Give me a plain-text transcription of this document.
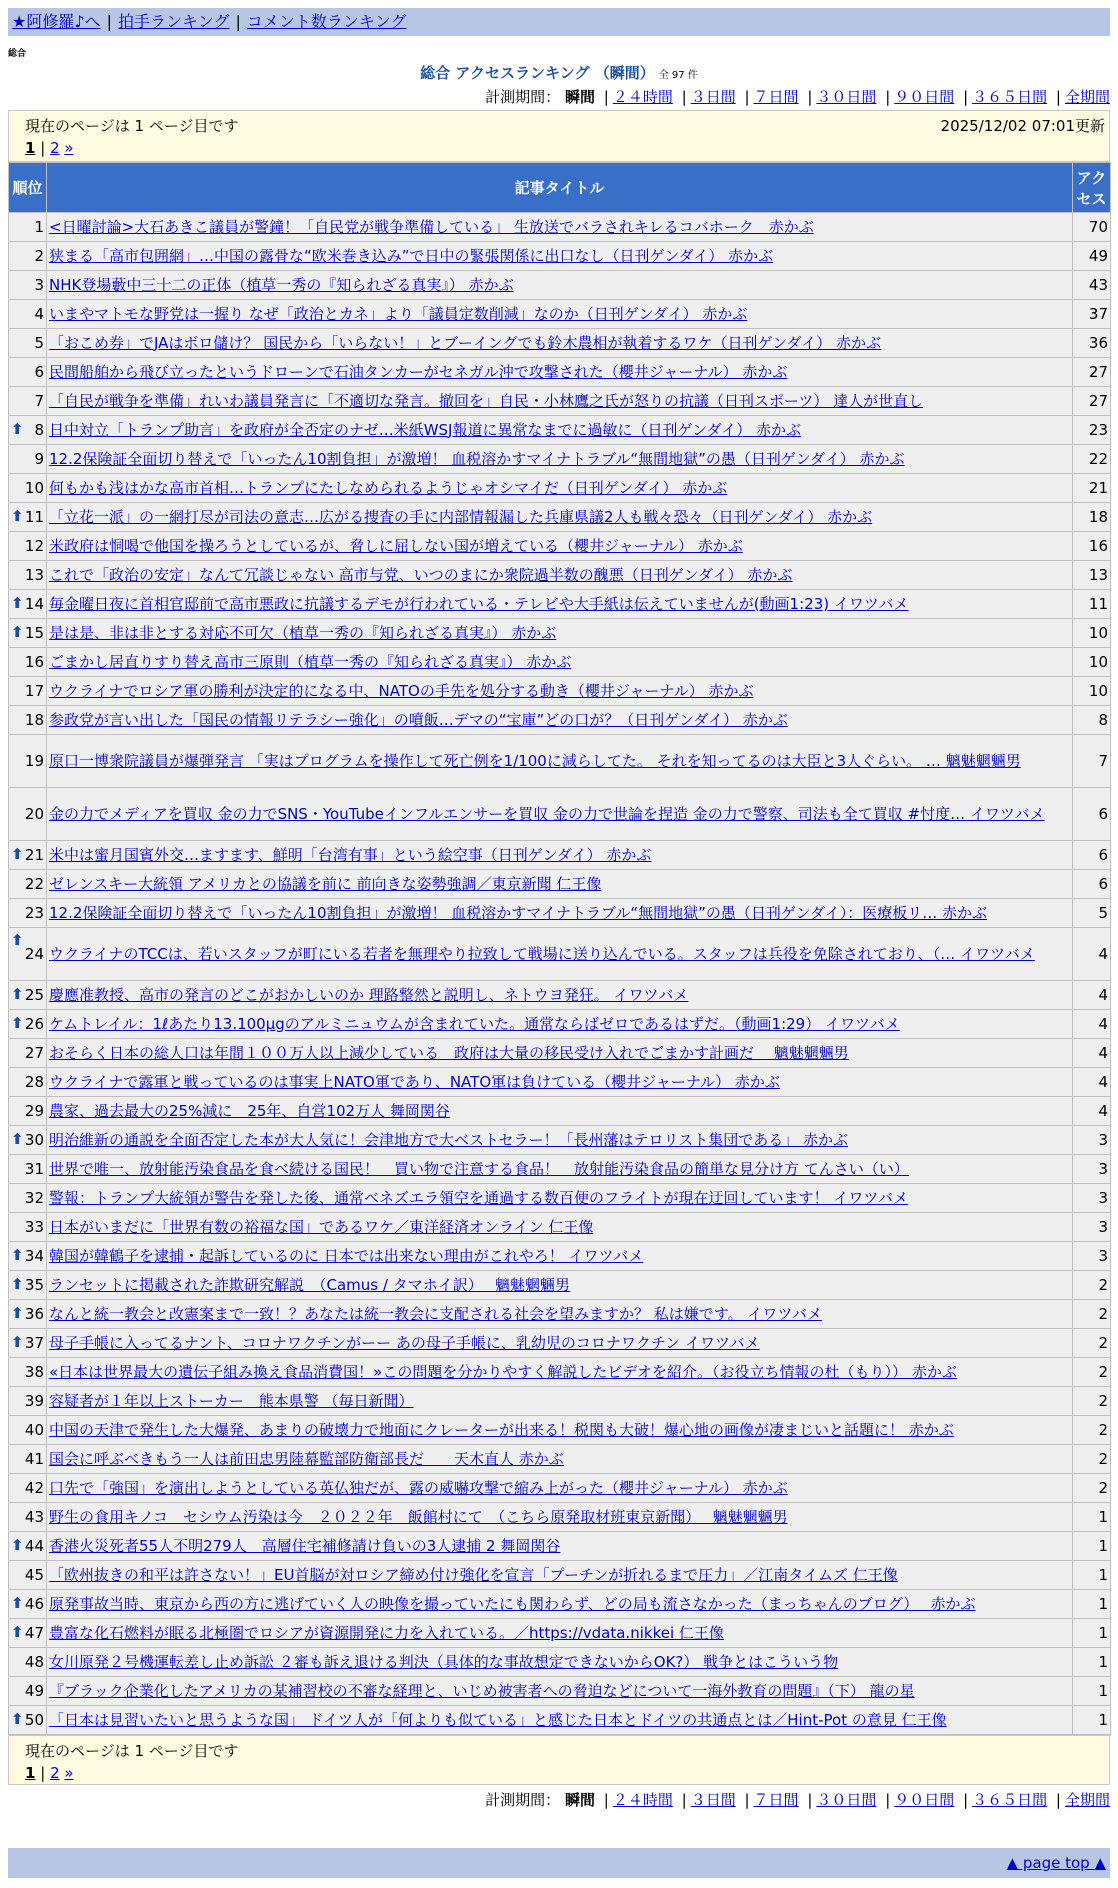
★阿修羅♪へ | 拍手ランキング | コメント数ランキング
総合
総合 アクセスランキング （瞬間） 全 97 件
計測期間： 瞬間 | ２４時間 | ３日間 | ７日間 | ３０日間 | ９０日間 | ３６５日間 | 全期間
現在のページは 1 ページ目です	2025/12/02 07:01更新
1 | 2 »
順位	記事タイトル	アクセス
1	<日曜討論>大石あきこ議員が警鐘！「自民党が戦争準備している」 生放送でバラされキレるコバホーク　赤かぶ	70
2	狭まる「高市包囲網」…中国の露骨な“欧米巻き込み”で日中の緊張関係に出口なし（日刊ゲンダイ） 赤かぶ	49
3	NHK登場藪中三十二の正体（植草一秀の『知られざる真実』） 赤かぶ	43
4	いまやマトモな野党は一握り なぜ「政治とカネ」より「議員定数削減」なのか（日刊ゲンダイ） 赤かぶ	37
5	「おこめ券」でJAはボロ儲け？ 国民から「いらない！」とブーイングでも鈴木農相が執着するワケ（日刊ゲンダイ） 赤かぶ	36
6	民間船舶から飛び立ったというドローンで石油タンカーがセネガル沖で攻撃された（櫻井ジャーナル） 赤かぶ	27
7	「自民が戦争を準備」れいわ議員発言に「不適切な発言。撤回を」自民・小林鷹之氏が怒りの抗議（日刊スポーツ） 達人が世直し	27

⬆ 8	日中対立「トランプ助言」を政府が全否定のナゼ…米紙WSJ報道に異常なまでに過敏に（日刊ゲンダイ） 赤かぶ	23
9	12.2保険証全面切り替えで「いったん10割負担」が激増！ 血税溶かすマイナトラブル“無間地獄”の愚（日刊ゲンダイ） 赤かぶ	22
10	何もかも浅はかな高市首相…トランプにたしなめられるようじゃオシマイだ（日刊ゲンダイ） 赤かぶ	21

⬆ 11	「立花一派」の一網打尽が司法の意志…広がる捜査の手に内部情報漏した兵庫県議2人も戦々恐々（日刊ゲンダイ） 赤かぶ	18
12	米政府は恫喝で他国を操ろうとしているが、脅しに屈しない国が増えている（櫻井ジャーナル） 赤かぶ	16
13	これで「政治の安定」なんて冗談じゃない 高市与党、いつのまにか衆院過半数の醜悪（日刊ゲンダイ） 赤かぶ	13

⬆ 14	毎金曜日夜に首相官邸前で高市悪政に抗議するデモが行われている・テレビや大手紙は伝えていませんが(動画1:23) イワツバメ	11

⬆ 15	是は是、非は非とする対応不可欠（植草一秀の『知られざる真実』） 赤かぶ	10
16	ごまかし居直りすり替え高市三原則（植草一秀の『知られざる真実』） 赤かぶ	10
17	ウクライナでロシア軍の勝利が決定的になる中、NATOの手先を処分する動き（櫻井ジャーナル） 赤かぶ	10
18	参政党が言い出した「国民の情報リテラシー強化」の噴飯…デマの“宝庫”どの口が？（日刊ゲンダイ） 赤かぶ	8
19	原口一博衆院議員が爆弾発言 「実はプログラムを操作して死亡例を1/100に減らしてた。 それを知ってるのは大臣と3人ぐらい。 … 魑魅魍魎男	7
20	金の力でメディアを買収 金の力でSNS・YouTubeインフルエンサーを買収 金の力で世論を捏造 金の力で警察、司法も全て買収 #忖度… イワツバメ	6

⬆ 21	米中は蜜月国賓外交…ますます、鮮明「台湾有事」という絵空事（日刊ゲンダイ） 赤かぶ	6
22	ゼレンスキー大統領 アメリカとの協議を前に 前向きな姿勢強調／東京新聞 仁王像	6
23	12.2保険証全面切り替えで「いったん10割負担」が激増！ 血税溶かすマイナトラブル“無間地獄”の愚（日刊ゲンダイ）：医療板リ… 赤かぶ	5

⬆
24	ウクライナのTCCは、若いスタッフが町にいる若者を無理やり拉致して戦場に送り込んでいる。スタッフは兵役を免除されており、（… イワツバメ	4

⬆ 25	慶應准教授、高市の発言のどこがおかしいのか 理路整然と説明し、ネトウヨ発狂。 イワツバメ	4

⬆ 26	ケムトレイル：1ℓあたり13.100μgのアルミニュウムが含まれていた。通常ならばゼロであるはずだ。（動画1:29） イワツバメ	4
27	おそらく日本の総人口は年間１００万人以上減少している　政府は大量の移民受け入れでごまかす計画だ　 魑魅魍魎男	4
28	ウクライナで露軍と戦っているのは事実上NATO軍であり、NATO軍は負けている（櫻井ジャーナル） 赤かぶ	4
29	農家、過去最大の25%減に　25年、自営102万人 舞岡関谷	4

⬆ 30	明治維新の通説を全面否定した本が大人気に！会津地方で大ベストセラー！「長州藩はテロリスト集団である」 赤かぶ	3
31	世界で唯一、放射能汚染食品を食べ続ける国民！　買い物で注意する食品！　放射能汚染食品の簡単な見分け方 てんさい（い）	3
32	警報：トランプ大統領が警告を発した後、通常ベネズエラ領空を通過する数百便のフライトが現在迂回しています！ イワツバメ	3
33	日本がいまだに「世界有数の裕福な国」であるワケ／東洋経済オンライン 仁王像	3

⬆ 34	韓国が韓鶴子を逮捕・起訴しているのに 日本では出来ない理由がこれやろ！ イワツバメ	3

⬆ 35	ランセットに掲載された詐欺研究解説　（Camus / タマホイ訳）　 魑魅魍魎男	2

⬆ 36	なんと統一教会と改憲案まで一致！？あなたは統一教会に支配される社会を望みますか？ 私は嫌です。 イワツバメ	2

⬆ 37	母子手帳に入ってるナント、コロナワクチンがーー あの母子手帳に、乳幼児のコロナワクチン イワツバメ	2
38	«日本は世界最大の遺伝子組み換え食品消費国！»この問題を分かりやすく解説したビデオを紹介。（お役立ち情報の杜（もり）） 赤かぶ	2
39	容疑者が１年以上ストーカー　熊本県警 （毎日新聞）	2
40	中国の天津で発生した大爆発、あまりの破壊力で地面にクレーターが出来る！税関も大破！爆心地の画像が凄まじいと話題に！ 赤かぶ	2
41	国会に呼ぶべきもう一人は前田忠男陸幕監部防衛部長だ　　天木直人 赤かぶ	2
42	口先で「強国」を演出しようとしている英仏独だが、露の威嚇攻撃で縮み上がった（櫻井ジャーナル） 赤かぶ	2
43	野生の食用キノコ　セシウム汚染は今　２０２２年　飯館村にて　（こちら原発取材班東京新聞）　 魑魅魍魎男	1

⬆ 44	香港火災死者55人不明279人　高層住宅補修請け負いの3人逮捕 2 舞岡関谷	1
45	「欧州抜きの和平は許さない！」EU首脳が対ロシア締め付け強化を宣言「プーチンが折れるまで圧力」／江南タイムズ 仁王像	1

⬆ 46	原発事故当時、東京から西の方に逃げていく人の映像を撮っていたにも関わらず、どの局も流さなかった（まっちゃんのブログ）　 赤かぶ	1

⬆ 47	豊富な化石燃料が眠る北極圏でロシアが資源開発に力を入れている。／https://vdata.nikkei 仁王像	1
48	女川原発２号機運転差し止め訴訟 ２審も訴え退ける判決（具体的な事故想定できないからOK?） 戦争とはこういう物	1
49	『ブラック企業化したアメリカの某補習校の不審な経理と、いじめ被害者への脅迫などについて一海外教育の問題』（下） 龍の星	1

⬆ 50	「日本は見習いたいと思うような国」 ドイツ人が「何よりも似ている」と感じた日本とドイツの共通点とは／Hint-Pot の意見 仁王像	1
現在のページは 1 ページ目です
1 | 2 »
計測期間： 瞬間 | ２４時間 | ３日間 | ７日間 | ３０日間 | ９０日間 | ３６５日間 | 全期間
▲ page top ▲
